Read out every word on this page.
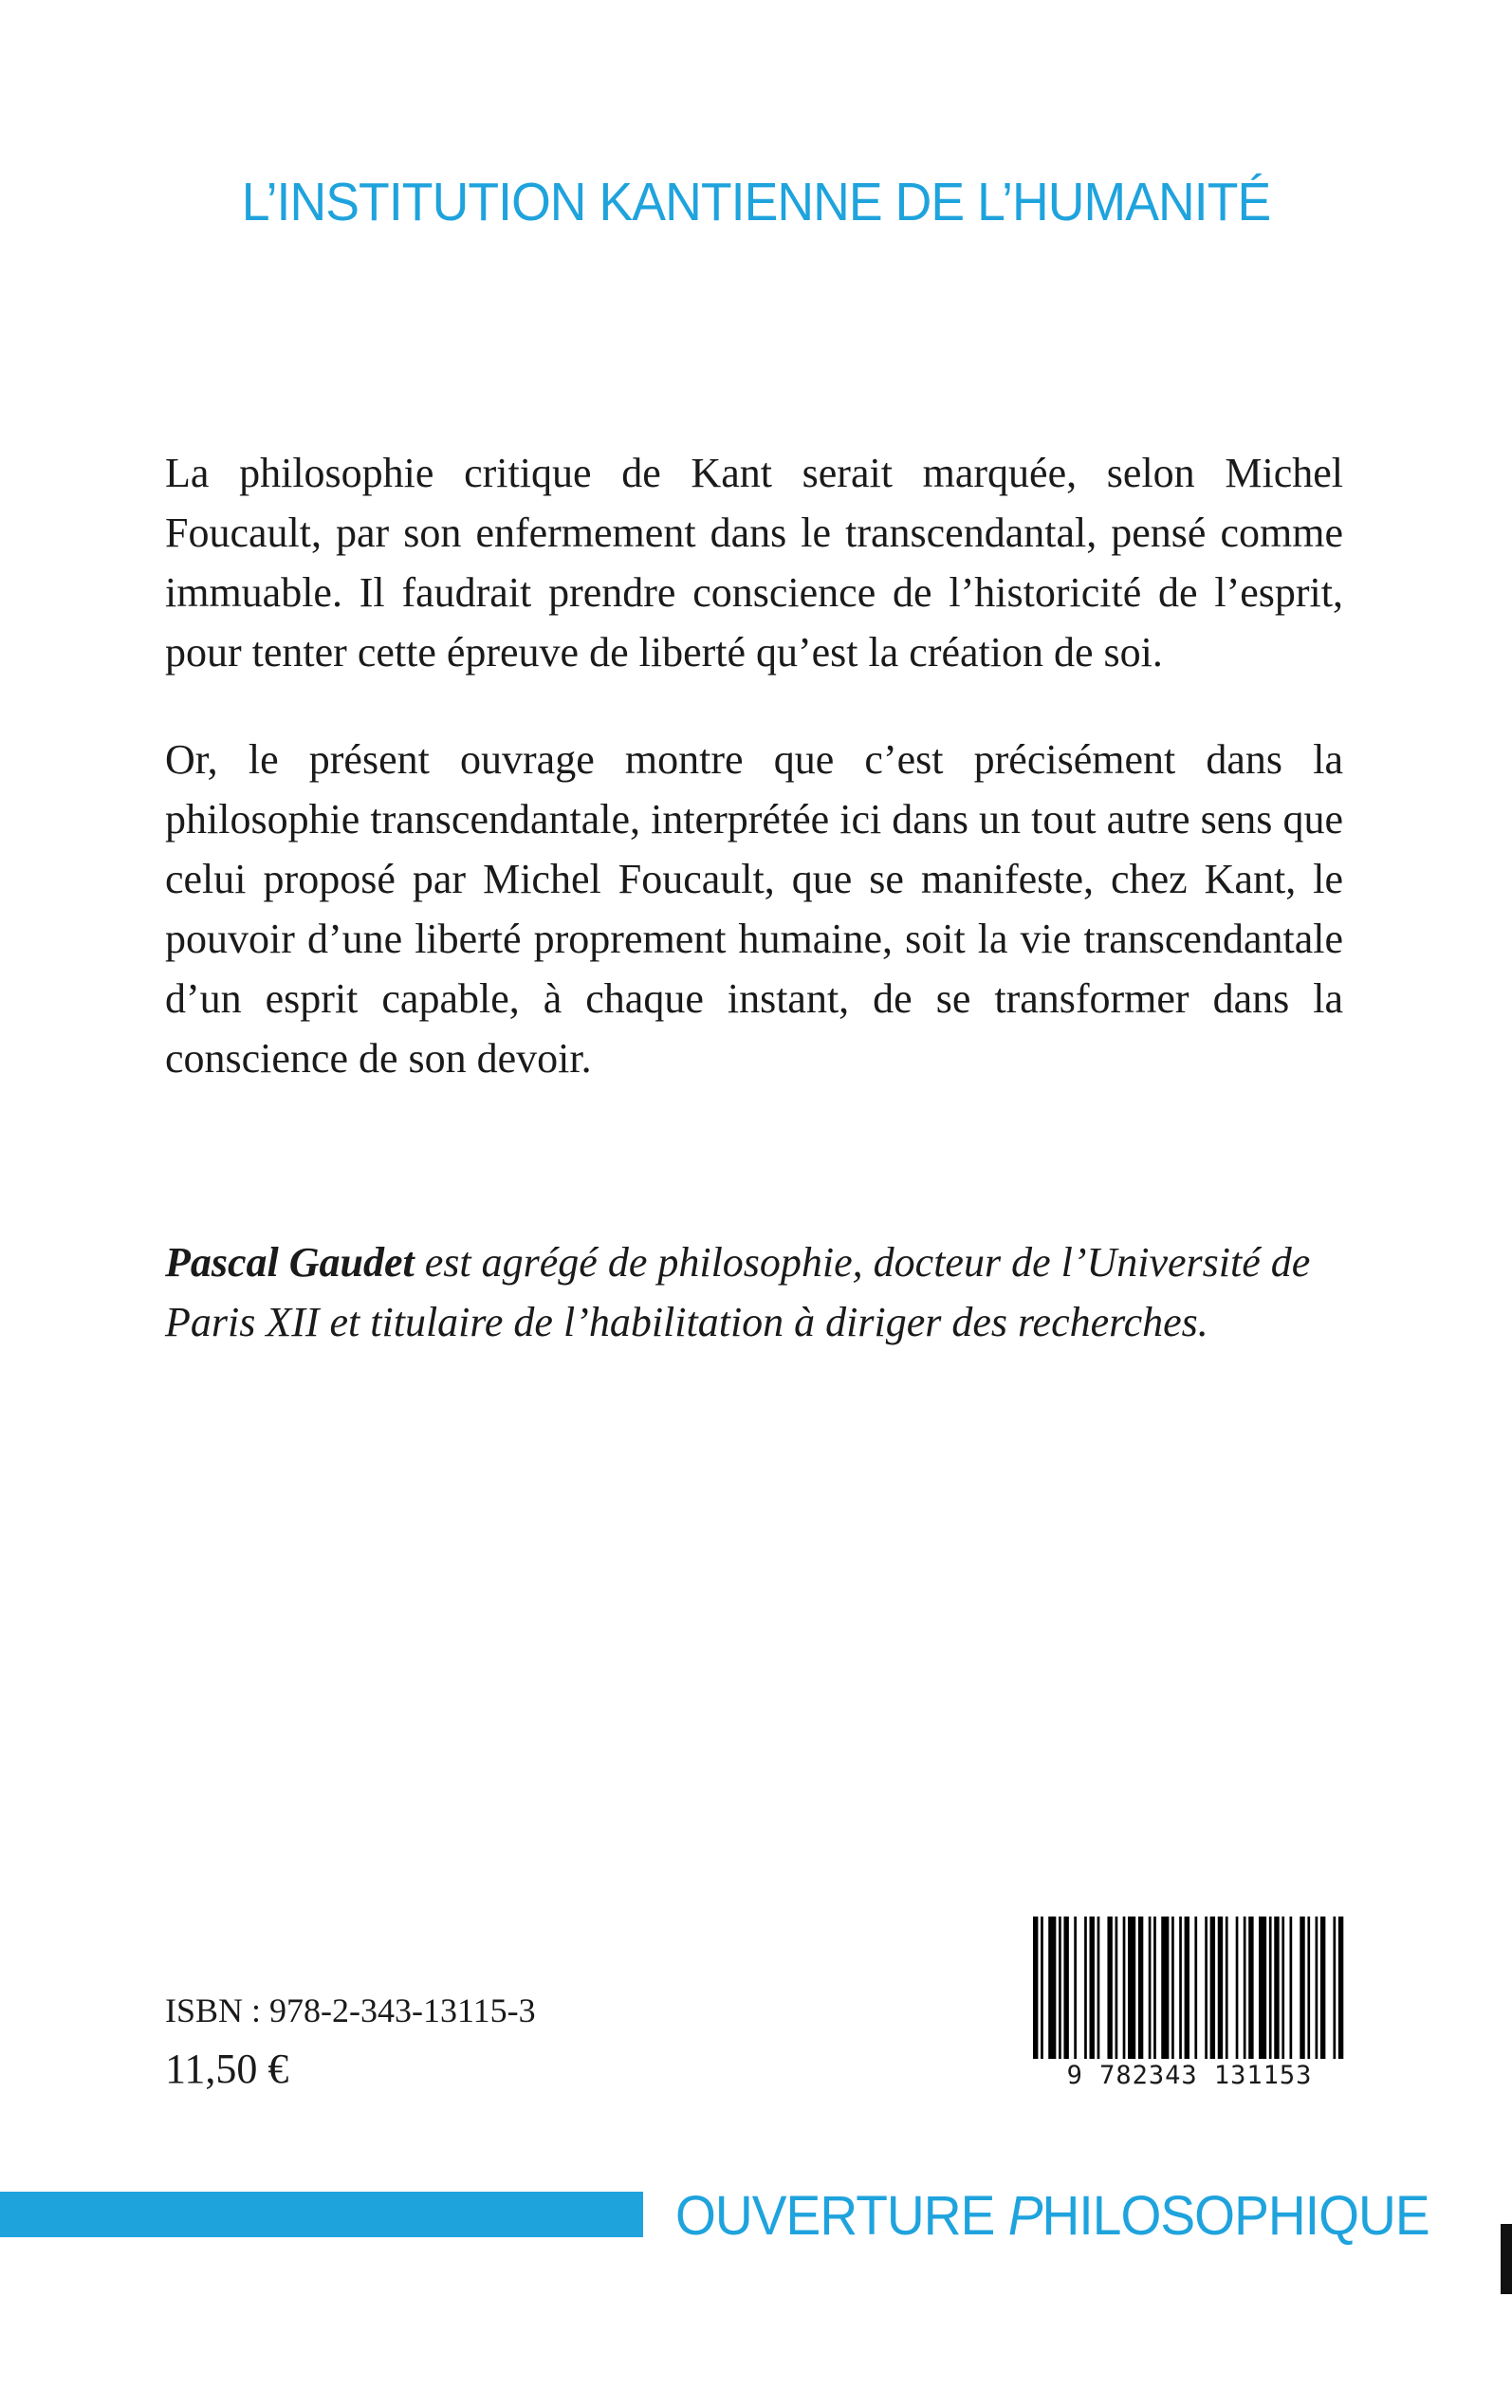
L’INSTITUTION KANTIENNE DE L’HUMANITÉ

La philosophie critique de Kant serait marquée, selon Michel Foucault, par son enfermement dans le transcendantal, pensé comme immuable. Il faudrait prendre conscience de l’historicité de l’esprit, pour tenter cette épreuve de liberté qu’est la création de soi.

Or, le présent ouvrage montre que c’est précisément dans la philosophie transcendantale, interprétée ici dans un tout autre sens que celui proposé par Michel Foucault, que se manifeste, chez Kant, le pouvoir d’une liberté proprement humaine, soit la vie transcendantale d’un esprit capable, à chaque instant, de se transformer dans la conscience de son devoir.

Pascal Gaudet est agrégé de philosophie, docteur de l’Université de Paris XII et titulaire de l’habilitation à diriger des recherches.

ISBN : 978-2-343-13115-3

11,50 €	9 782343 131153

OUVERTURE PHILOSOPHIQUE
